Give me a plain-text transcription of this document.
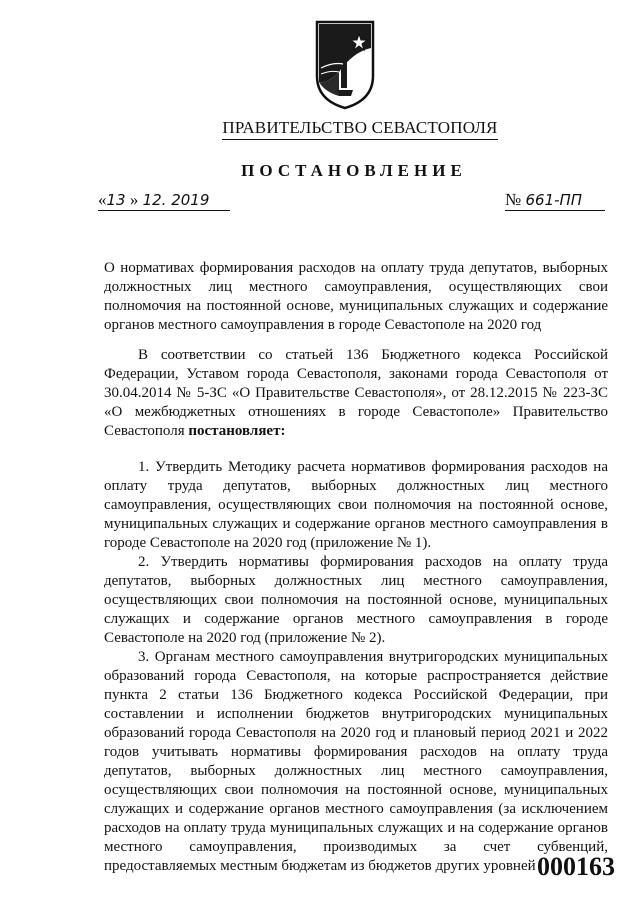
ПРАВИТЕЛЬСТВО СЕВАСТОПОЛЯ
ПОСТАНОВЛЕНИЕ
«13 » 12. 2019	№ 661-ПП
О нормативах формирования расходов на оплату труда депутатов, выборных должностных лиц местного самоуправления, осуществляющих свои полномочия на постоянной основе, муниципальных служащих и содержание органов местного самоуправления в городе Севастополе на 2020 год

В соответствии со статьей 136 Бюджетного кодекса Российской Федерации, Уставом города Севастополя, законами города Севастополя от 30.04.2014 № 5-ЗС «О Правительстве Севастополя», от 28.12.2015 № 223-ЗС «О межбюджетных отношениях в городе Севастополе» Правительство Севастополя постановляет:

1. Утвердить Методику расчета нормативов формирования расходов на оплату труда депутатов, выборных должностных лиц местного самоуправления, осуществляющих свои полномочия на постоянной основе, муниципальных служащих и содержание органов местного самоуправления в городе Севастополе на 2020 год (приложение № 1).

2. Утвердить нормативы формирования расходов на оплату труда депутатов, выборных должностных лиц местного самоуправления, осуществляющих свои полномочия на постоянной основе, муниципальных служащих и содержание органов местного самоуправления в городе Севастополе на 2020 год (приложение № 2).

3. Органам местного самоуправления внутригородских муниципальных образований города Севастополя, на которые распространяется действие пункта 2 статьи 136 Бюджетного кодекса Российской Федерации, при составлении и исполнении бюджетов внутригородских муниципальных образований города Севастополя на 2020 год и плановый период 2021 и 2022 годов учитывать нормативы формирования расходов на оплату труда депутатов, выборных должностных лиц местного самоуправления, осуществляющих свои полномочия на постоянной основе, муниципальных служащих и содержание органов местного самоуправления (за исключением расходов на оплату труда муниципальных служащих и на содержание органов местного самоуправления, производимых за счет субвенций, предоставляемых местным бюджетам из бюджетов других уровней 000163
